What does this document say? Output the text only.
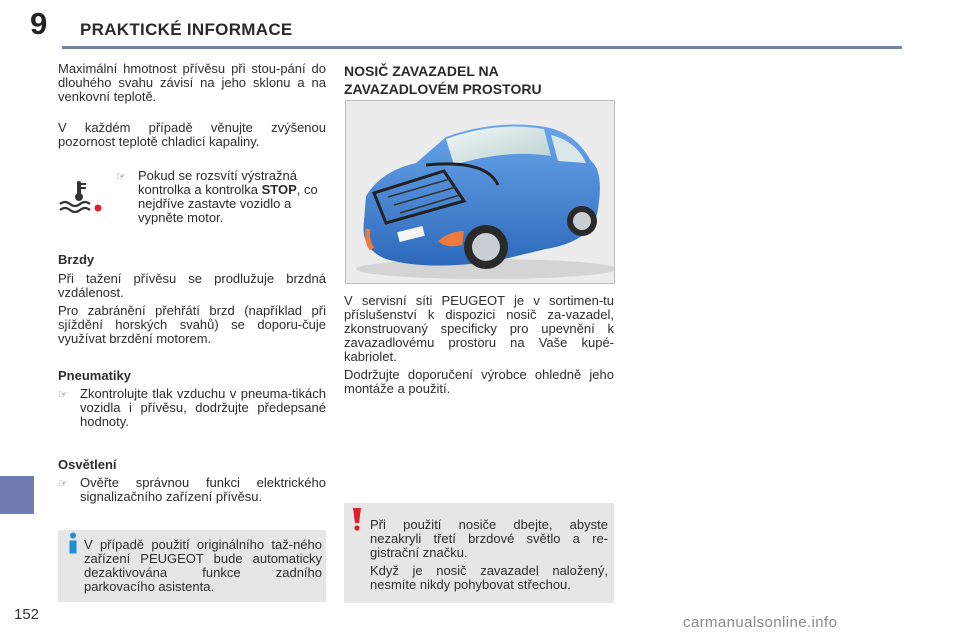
9 PRAKTICKÉ INFORMACE

Maximální hmotnost přívěsu při stou-pání do dlouhého svahu závisí na jeho sklonu a na venkovní teplotě.

V každém případě věnujte zvýšenou pozornost teplotě chladicí kapaliny.

☞ Pokud se rozsvítí výstražná kontrolka a kontrolka STOP, co nejdříve zastavte vozidlo a vypněte motor.
Brzdy

Při tažení přívěsu se prodlužuje brzdná vzdálenost.

Pro zabránění přehřátí brzd (například při sjíždění horských svahů) se doporu-čuje využívat brzdění motorem.

Pneumatiky
☞ Zkontrolujte tlak vzduchu v pneuma-tikách vozidla i přívěsu, dodržujte předepsané hodnoty.
Osvětlení
☞ Ověřte správnou funkci elektrického signalizačního zařízení přívěsu.

V případě použití originálního taž-ného zařízení PEUGEOT bude automaticky dezaktivována funkce zadního parkovacího asistenta.

NOSIČ ZAVAZADEL NA
ZAVAZADLOVÉM PROSTORU

V servisní síti PEUGEOT je v sortimen-tu příslušenství k dispozici nosič za-vazadel, zkonstruovaný specificky pro upevnění k zavazadlovému prostoru na Vaše kupé-kabriolet.

Dodržujte doporučení výrobce ohledně jeho montáže a použití.

Při použití nosiče dbejte, abyste nezakryli třetí brzdové světlo a re-gistrační značku.

Když je nosič zavazadel naložený, nesmíte nikdy pohybovat střechou.

152	carmanualsonline.info
